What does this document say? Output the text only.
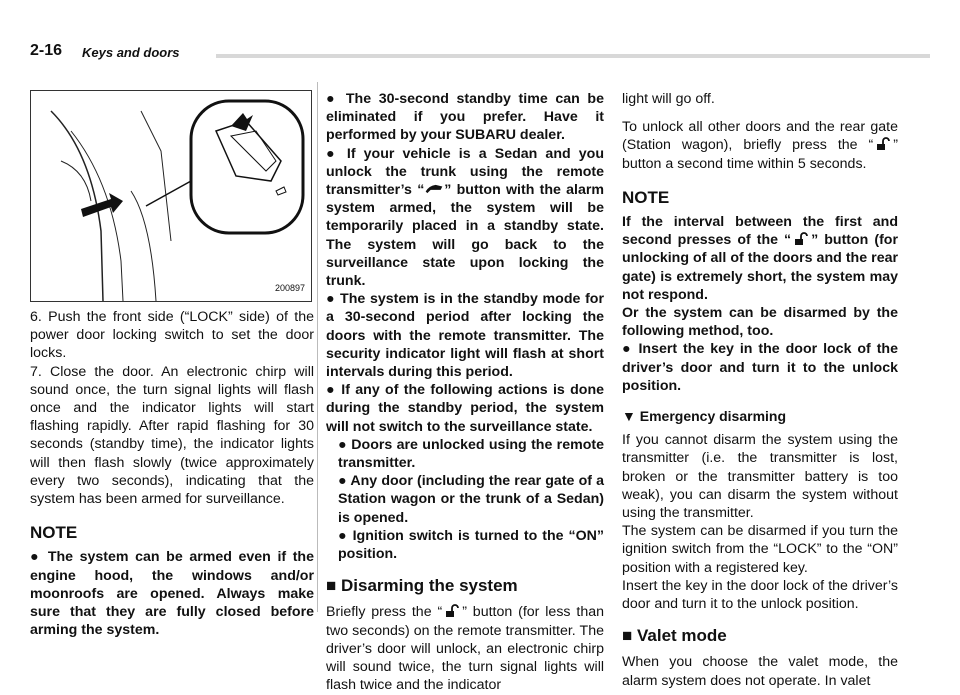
2-16 Keys and doors
200897

6. Push the front side (“LOCK” side) of the power door locking switch to set the door locks.

7. Close the door. An electronic chirp will sound once, the turn signal lights will flash once and the indicator lights will start flashing rapidly. After rapid flashing for 30 seconds (standby time), the indicator lights will then flash slowly (twice approximately every two seconds), indicating that the system has been armed for surveillance.

NOTE

● The system can be armed even if the engine hood, the windows and/or moonroofs are opened. Always make sure that they are fully closed before arming the system.

● The 30-second standby time can be eliminated if you prefer. Have it performed by your SUBARU dealer.

● If your vehicle is a Sedan and you unlock the trunk using the remote transmitter’s “ ” button with the alarm system armed, the system will be temporarily placed in a standby state. The system will go back to the surveillance state upon locking the trunk.

● The system is in the standby mode for a 30-second period after locking the doors with the remote transmitter. The security indicator light will flash at short intervals during this period.

● If any of the following actions is done during the standby period, the system will not switch to the surveillance state.

● Doors are unlocked using the remote transmitter.

● Any door (including the rear gate of a Station wagon or the trunk of a Sedan) is opened.

● Ignition switch is turned to the “ON” position.

■ Disarming the system

Briefly press the “ ” button (for less than two seconds) on the remote transmitter. The driver’s door will unlock, an electronic chirp will sound twice, the turn signal lights will flash twice and the indicator

light will go off.

To unlock all other doors and the rear gate (Station wagon), briefly press the “ ” button a second time within 5 seconds.

NOTE

If the interval between the first and second presses of the “ ” button (for unlocking of all of the doors and the rear gate) is extremely short, the system may not respond.

Or the system can be disarmed by the following method, too.

● Insert the key in the door lock of the driver’s door and turn it to the unlock position.

▼ Emergency disarming

If you cannot disarm the system using the transmitter (i.e. the transmitter is lost, broken or the transmitter battery is too weak), you can disarm the system without using the transmitter.

The system can be disarmed if you turn the ignition switch from the “LOCK” to the “ON” position with a registered key.

Insert the key in the door lock of the driver’s door and turn it to the unlock position.

■ Valet mode

When you choose the valet mode, the alarm system does not operate. In valet
